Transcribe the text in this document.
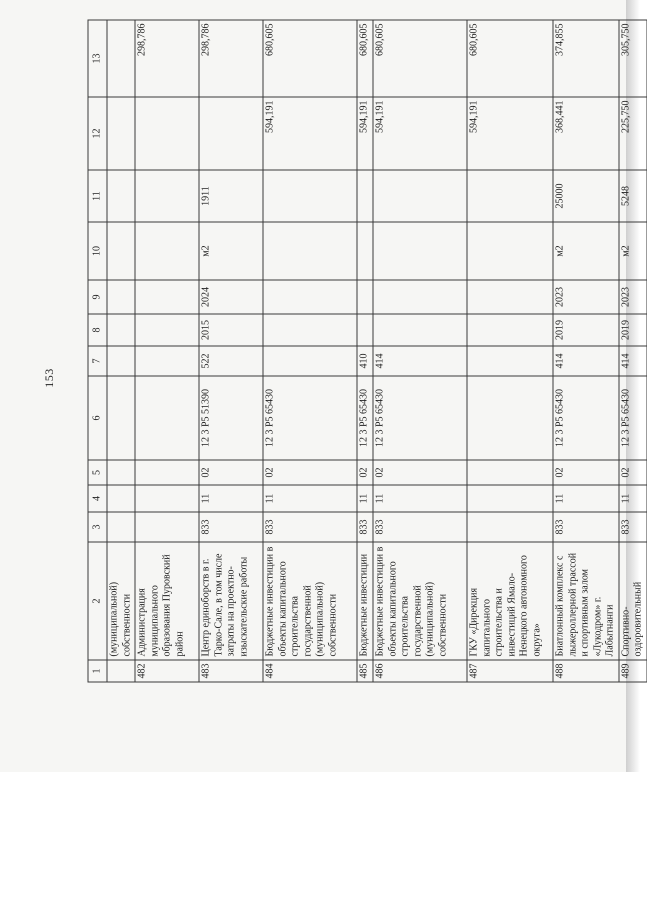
153
1	2	3	4	5	6	7	8	9	10	11	12	13
	(муниципальной) собственности											
482	Администрация муниципального образования Пуровский район											298,786
483	Центр единоборств в г. Тарко-Сале, в том числе затраты на проектно-изыскательские работы	833	11	02	12 3 Р5 51390	522	2015	2024	м2	1911		298,786
484	Бюджетные инвестиции в объекты капитального строительства государственной (муниципальной) собственности	833	11	02	12 3 Р5 65430						594,191	680,605
485	Бюджетные инвестиции	833	11	02	12 3 Р5 65430	410					594,191	680,605
486	Бюджетные инвестиции в объекты капитального строительства государственной (муниципальной) собственности	833	11	02	12 3 Р5 65430	414					594,191	680,605
487	ГКУ «Дирекция капитального строительства и инвестиций Ямало-Ненецкого автономного округа»										594,191	680,605
488	Биатлонный комплекс с лыжероллерной трассой и спортивным залом «Лукодром» г. Лабытнанги	833	11	02	12 3 Р5 65430	414	2019	2023	м2	25000	368,441	374,855
489	Спортивно-оздоровительный	833	11	02	12 3 Р5 65430	414	2019	2023	м2	5248	225,750	305,750
